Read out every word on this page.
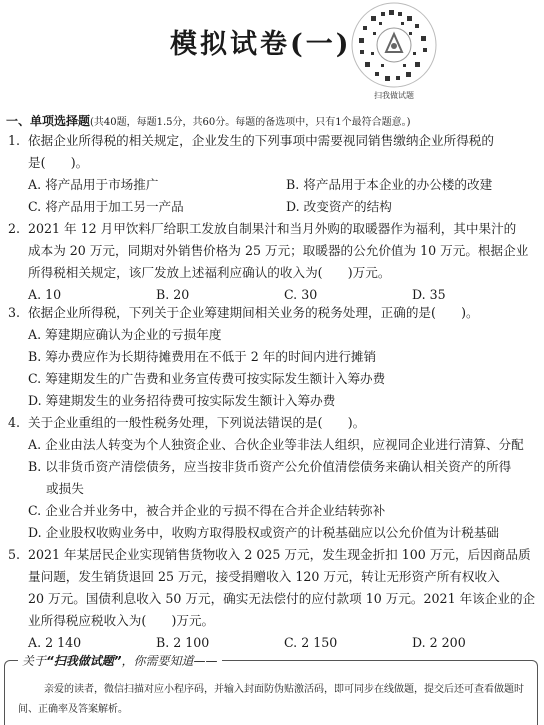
模拟试卷(一)
扫我做试题
一、单项选择题(共40题，每题1.5分，共60分。每题的备选项中，只有1个最符合题意。)
1. 依据企业所得税的相关规定，企业发生的下列事项中需要视同销售缴纳企业所得税的
是(　　)。
A. 将产品用于市场推广	B. 将产品用于本企业的办公楼的改建
C. 将产品用于加工另一产品	D. 改变资产的结构
2. 2021 年 12 月甲饮料厂给职工发放自制果汁和当月外购的取暖器作为福利，其中果汁的
成本为 20 万元，同期对外销售价格为 25 万元；取暖器的公允价值为 10 万元。根据企业
所得税相关规定，该厂发放上述福利应确认的收入为(　　)万元。
A. 10	B. 20	C. 30	D. 35
3. 依据企业所得税，下列关于企业筹建期间相关业务的税务处理，正确的是(　　)。
A. 筹建期应确认为企业的亏损年度
B. 筹办费应作为长期待摊费用在不低于 2 年的时间内进行摊销
C. 筹建期发生的广告费和业务宣传费可按实际发生额计入筹办费
D. 筹建期发生的业务招待费可按实际发生额计入筹办费
4. 关于企业重组的一般性税务处理，下列说法错误的是(　　)。
A. 企业由法人转变为个人独资企业、合伙企业等非法人组织，应视同企业进行清算、分配
B. 以非货币资产清偿债务，应当按非货币资产公允价值清偿债务来确认相关资产的所得
或损失
C. 企业合并业务中，被合并企业的亏损不得在合并企业结转弥补
D. 企业股权收购业务中，收购方取得股权或资产的计税基础应以公允价值为计税基础
5. 2021 年某居民企业实现销售货物收入 2 025 万元，发生现金折扣 100 万元，后因商品质
量问题，发生销货退回 25 万元，接受捐赠收入 120 万元，转让无形资产所有权收入
20 万元。国债利息收入 50 万元，确实无法偿付的应付款项 10 万元。2021 年该企业的企
业所得税应税收入为(　　)万元。
A. 2 140	B. 2 100	C. 2 150	D. 2 200
关于“扫我做试题”，你需要知道——
亲爱的读者，微信扫描对应小程序码，并输入封面防伪贴激活码，即可同步在线做题，提交后还可查看做题时间、正确率及答案解析。
